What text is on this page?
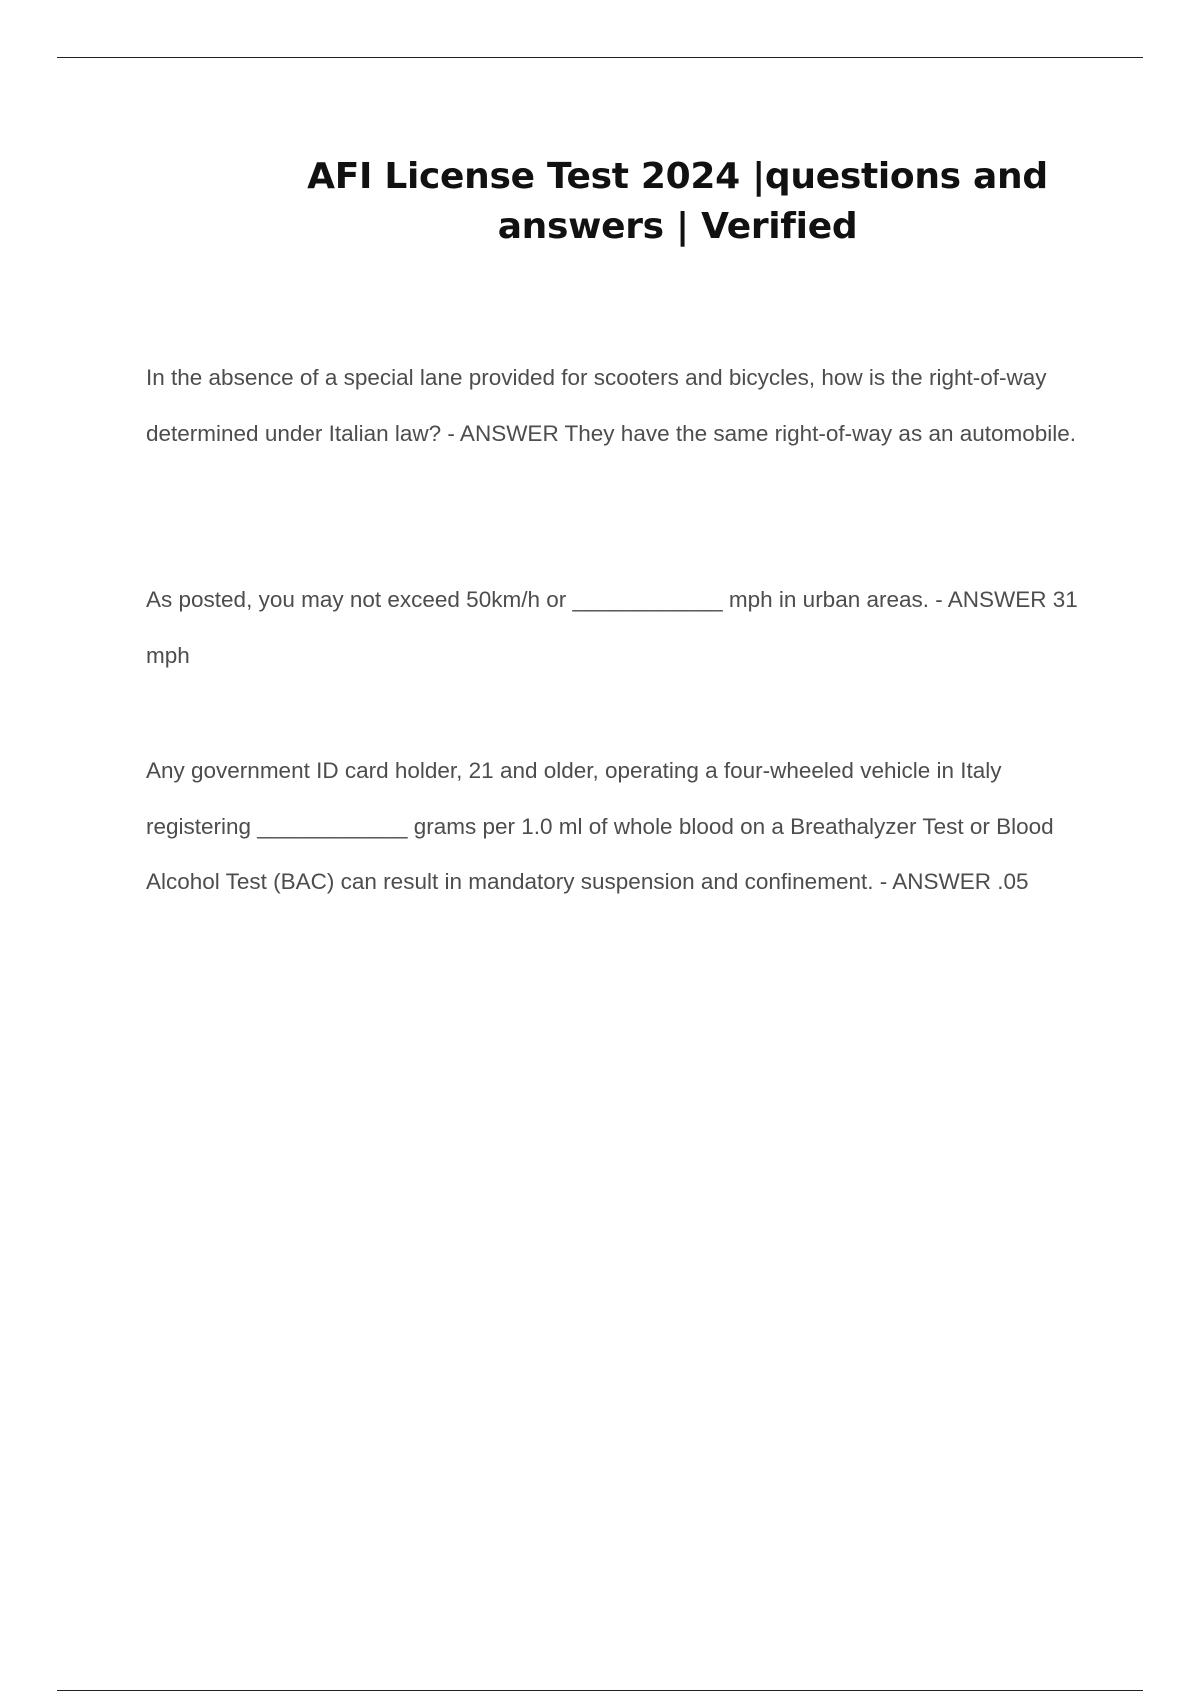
AFI License Test 2024 |questions and
answers | Verified

In the absence of a special lane provided for scooters and bicycles, how is the right-of-way determined under Italian law? - ANSWER They have the same right-of-way as an automobile.

As posted, you may not exceed 50km/h or ____________ mph in urban areas. - ANSWER 31 mph

Any government ID card holder, 21 and older, operating a four-wheeled vehicle in Italy registering ____________ grams per 1.0 ml of whole blood on a Breathalyzer Test or Blood Alcohol Test (BAC) can result in mandatory suspension and confinement. - ANSWER .05
